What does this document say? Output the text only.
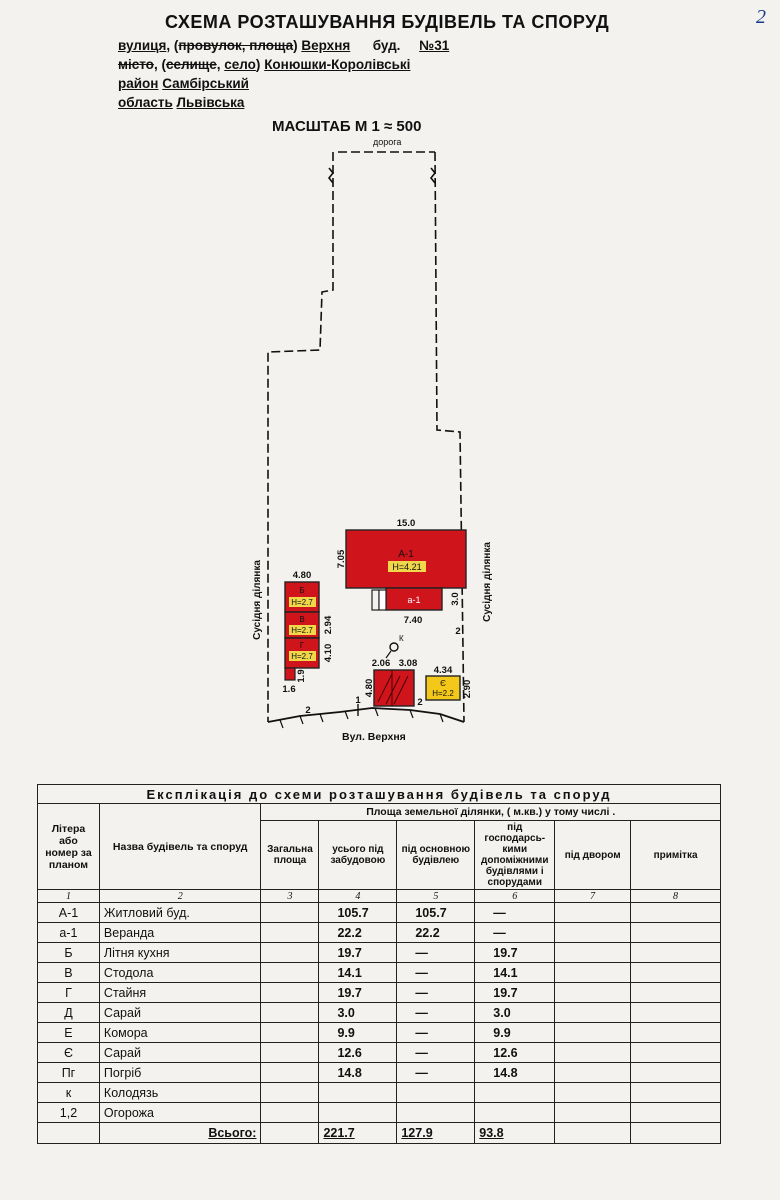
2
СХЕМА РОЗТАШУВАННЯ БУДІВЕЛЬ ТА СПОРУД
вулиця, (провулок, площа) Верхня буд. №31
місто, (селище, село) Конюшки-Королівські
район Самбірський
область Львівська
МАСШТАБ М 1 ≈ 500
А-1
Н=4.21
а-1
Б
Н=2.7
В
Н=2.7
Г
Н=2.7
Є
Н=2.2
К
дорога
Вул. Верхня
Сусідня ділянка	Сусідня ділянка
15.0
7.05
7.40
3.0
4.80
2.94
4.10
1.9
1.6
2.06 3.08
4.80
4.34
2.90
2
1	2
2
Експлікація до схеми розташування будівель та споруд							
Літера або номер за планом	Назва будівель та споруд	Площа земельної ділянки, ( м.кв.) у тому числі .					
		Загальна площа	усього під забудовою	під основною будівлею	під господарсь-кими допоміжними будівлями і спорудами	під двором	примітка
1	2	3	4	5	6	7	8
А-1	Житловий буд.		105.7	105.7	—		
а-1	Веранда		22.2	22.2	—		
Б	Літня кухня		19.7	—	19.7		
В	Стодола		14.1	—	14.1		
Г	Стайня		19.7	—	19.7		
Д	Сарай		3.0	—	3.0		
Е	Комора		9.9	—	9.9		
Є	Сарай		12.6	—	12.6		
Пг	Погріб		14.8	—	14.8		
к	Колодязь						
1,2	Огорожа						
	Всього:		221.7	127.9	93.8		
